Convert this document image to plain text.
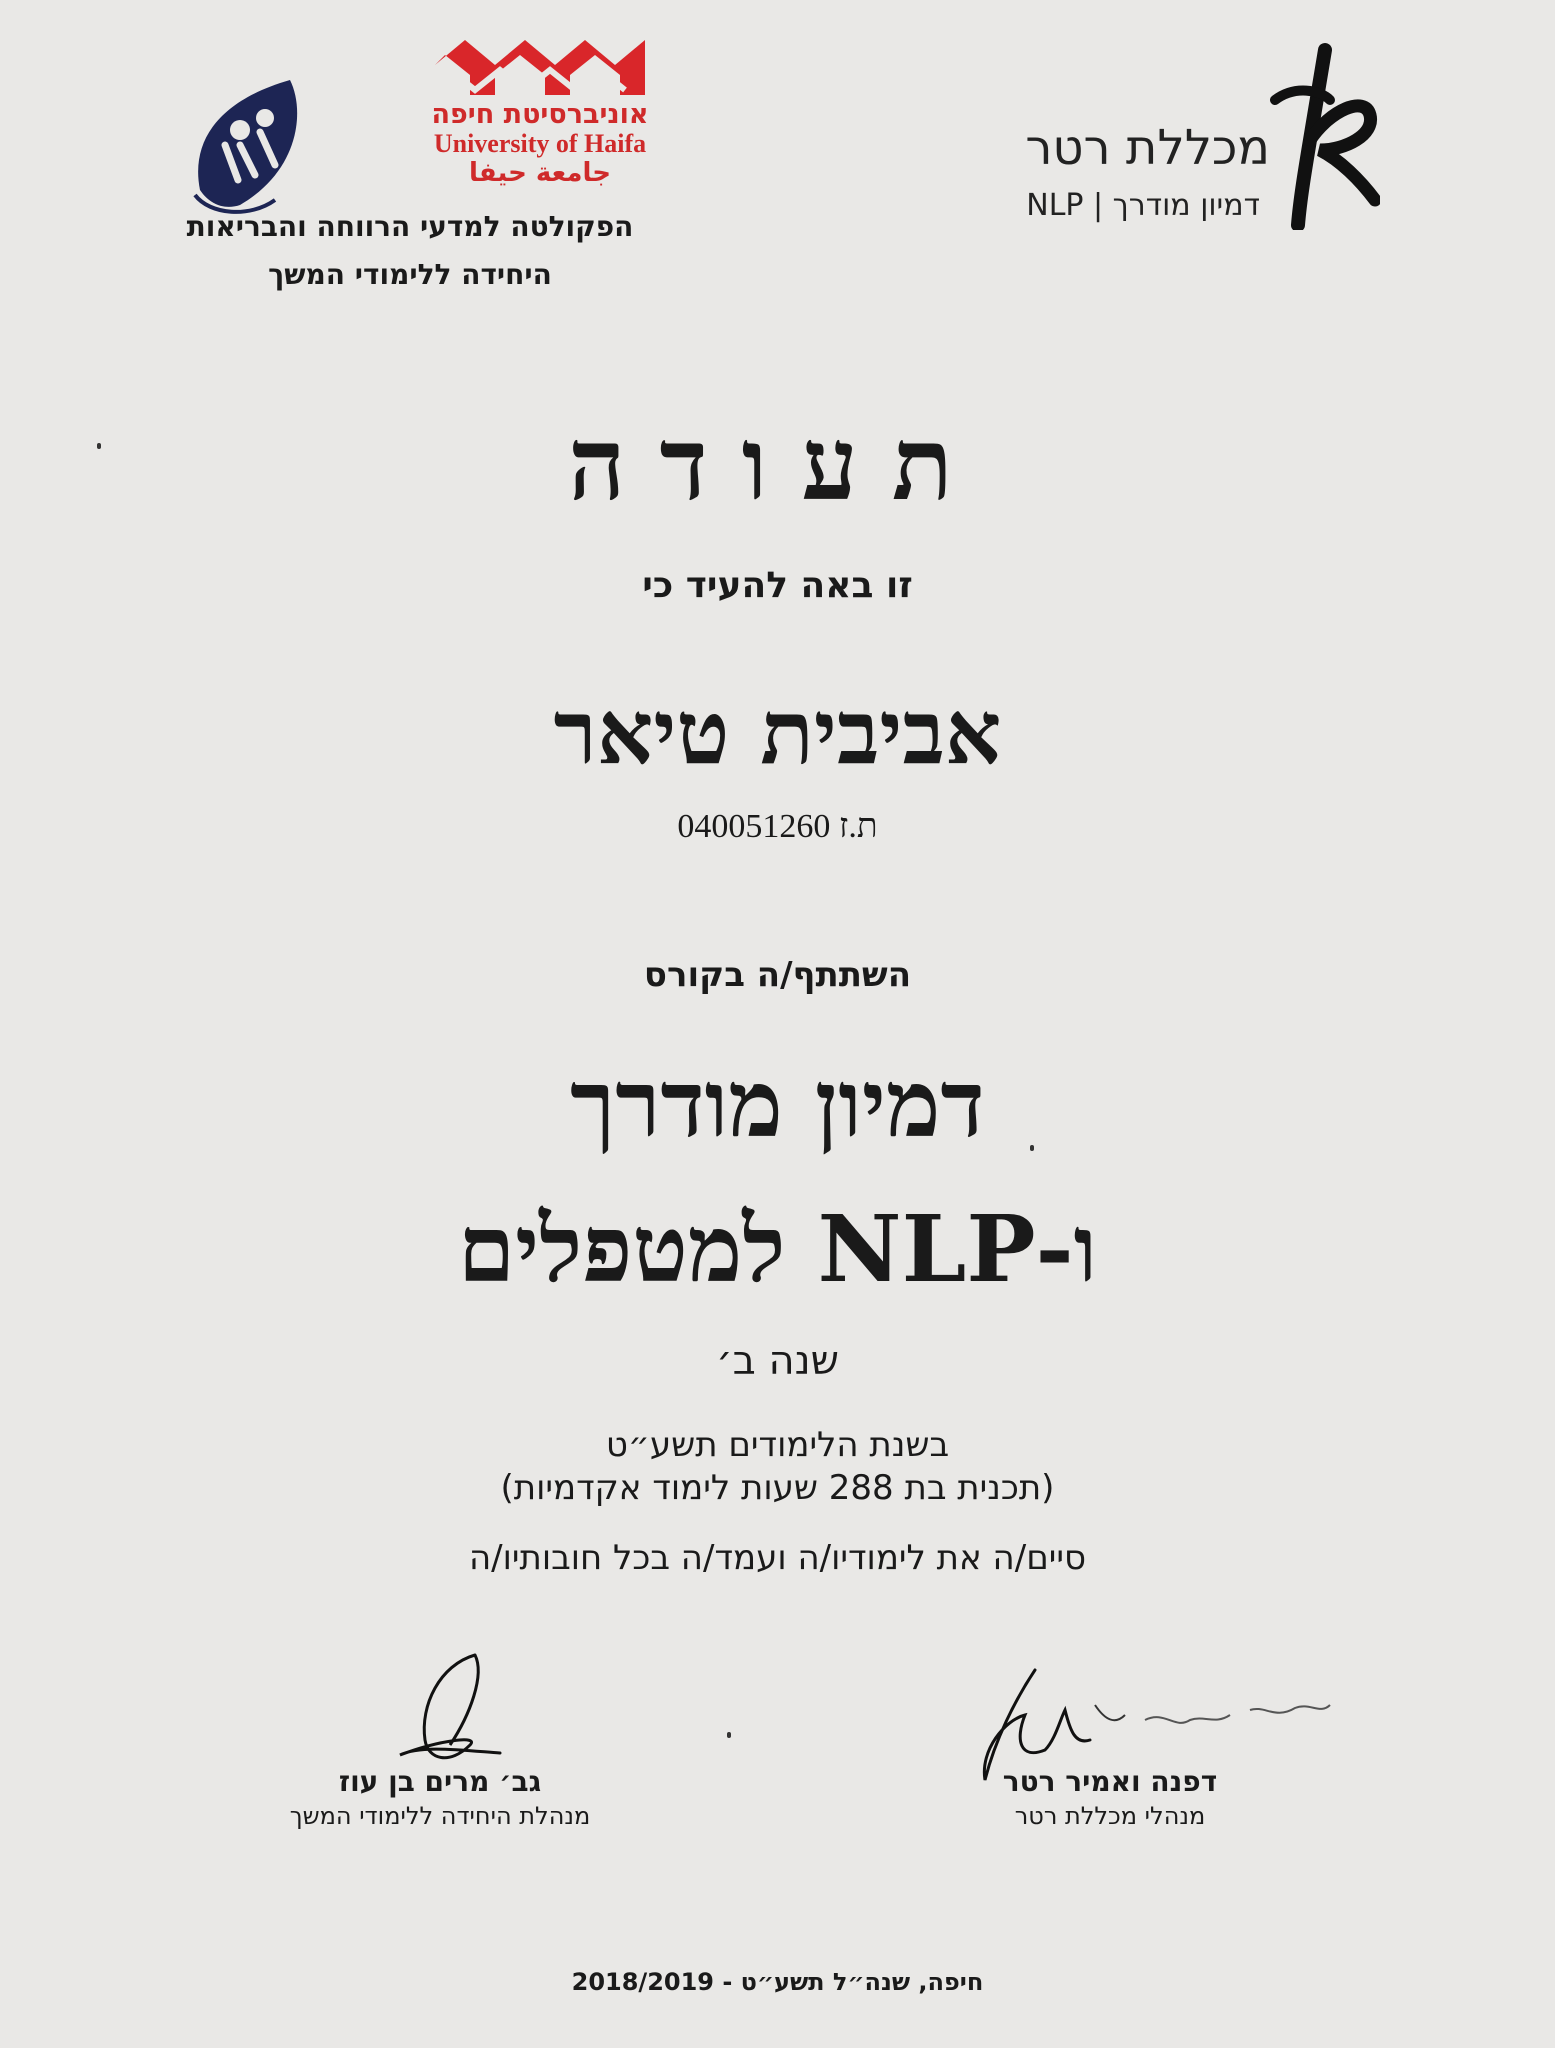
מכללת רטר
דמיון מודרך | NLP
אוניברסיטת חיפה
University of Haifa
جامعة حيفا
הפקולטה למדעי הרווחה והבריאות
היחידה ללימודי המשך
תעודה
זו באה להעיד כי
אביבית טיאר
ת.ז 040051260
השתתף/ה בקורס
דמיון מודרך
ו-NLP למטפלים
שנה ב׳
בשנת הלימודים תשע״ט
(תכנית בת 288 שעות לימוד אקדמיות)
סיים/ה את לימודיו/ה ועמד/ה בכל חובותיו/ה
גב׳ מרים בן עוז
מנהלת היחידה ללימודי המשך
דפנה ואמיר רטר
מנהלי מכללת רטר
חיפה, שנה״ל תשע״ט - 2018/2019
